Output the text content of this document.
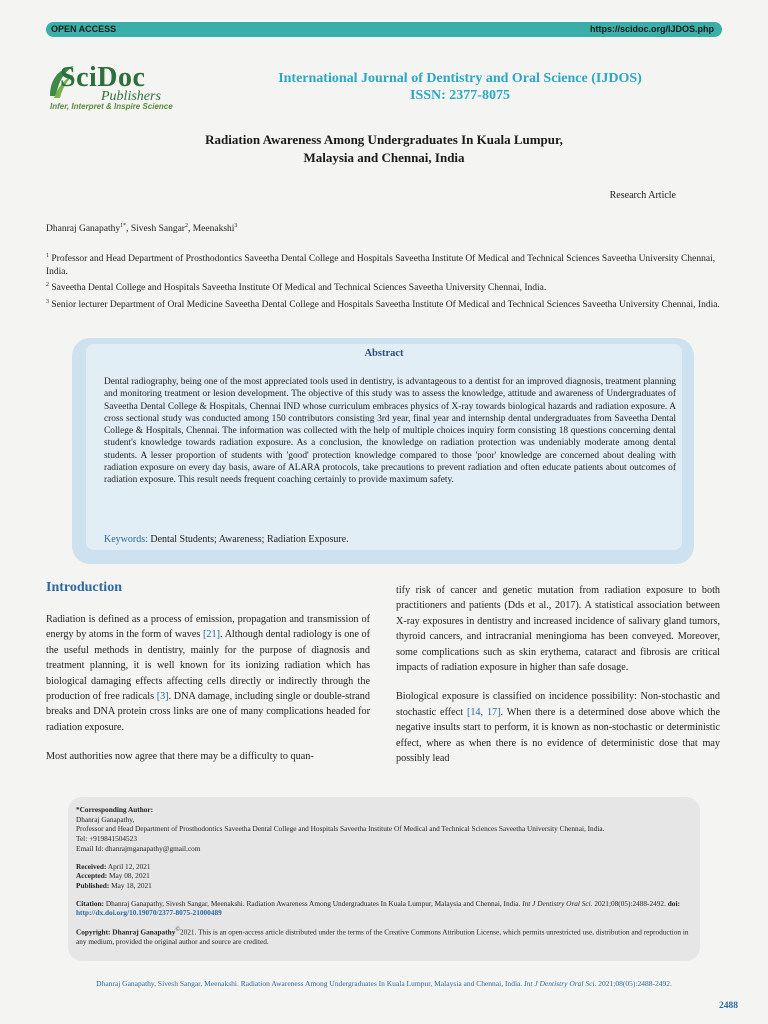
OPEN ACCESS	https://scidoc.org/IJDOS.php
SciDoc
Publishers
Infer, Interpret & Inspire Science
International Journal of Dentistry and Oral Science (IJDOS)
ISSN: 2377-8075
Radiation Awareness Among Undergraduates In Kuala Lumpur,
Malaysia and Chennai, India
Research Article
Dhanraj Ganapathy$^{1*}$, Sivesh Sangar$^2$, Meenakshi$^3$

$^1$ Professor and Head Department of Prosthodontics Saveetha Dental College and Hospitals Saveetha Institute Of Medical and Technical Sciences Saveetha University Chennai, India.

$^2$ Saveetha Dental College and Hospitals Saveetha Institute Of Medical and Technical Sciences Saveetha University Chennai, India.

$^3$ Senior lecturer Department of Oral Medicine Saveetha Dental College and Hospitals Saveetha Institute Of Medical and Technical Sciences Saveetha University Chennai, India.

Abstract
Dental radiography, being one of the most appreciated tools used in dentistry, is advantageous to a dentist for an improved diagnosis, treatment planning and monitoring treatment or lesion development. The objective of this study was to assess the knowledge, attitude and awareness of Undergraduates of Saveetha Dental College & Hospitals, Chennai IND whose curriculum embraces physics of X-ray towards biological hazards and radiation exposure. A cross sectional study was conducted among 150 contributors consisting 3rd year, final year and internship dental undergraduates from Saveetha Dental College & Hospitals, Chennai. The information was collected with the help of multiple choices inquiry form consisting 18 questions concerning dental student's knowledge towards radiation exposure. As a conclusion, the knowledge on radiation protection was undeniably moderate among dental students. A lesser proportion of students with 'good' protection knowledge compared to those 'poor' knowledge are concerned about dealing with radiation exposure on every day basis, aware of ALARA protocols, take precautions to prevent radiation and often educate patients about outcomes of radiation exposure. This result needs frequent coaching certainly to provide maximum safety.
Keywords: Dental Students; Awareness; Radiation Exposure.
Introduction

Radiation is defined as a process of emission, propagation and transmission of energy by atoms in the form of waves [21]. Although dental radiology is one of the useful methods in dentistry, mainly for the purpose of diagnosis and treatment planning, it is well known for its ionizing radiation which has biological damaging effects affecting cells directly or indirectly through the production of free radicals [3]. DNA damage, including single or double-strand breaks and DNA protein cross links are one of many complications headed for radiation exposure.

Most authorities now agree that there may be a difficulty to quan-

tify risk of cancer and genetic mutation from radiation exposure to both practitioners and patients (Dds et al., 2017). A statistical association between X-ray exposures in dentistry and increased incidence of salivary gland tumors, thyroid cancers, and intracranial meningioma has been conveyed. Moreover, some complications such as skin erythema, cataract and fibrosis are critical impacts of radiation exposure in higher than safe dosage.

Biological exposure is classified on incidence possibility: Non-stochastic and stochastic effect [14, 17]. When there is a determined dose above which the negative insults start to perform, it is known as non-stochastic or deterministic effect, where as when there is no evidence of deterministic dose that may possibly lead

*Corresponding Author:

Dhanraj Ganapathy,

Professor and Head Department of Prosthodontics Saveetha Dental College and Hospitals Saveetha Institute Of Medical and Technical Sciences Saveetha University Chennai, India.

Tel: +919841504523

Email Id: dhanrajmganapathy@gmail.com

Received: April 12, 2021

Accepted: May 08, 2021

Published: May 18, 2021

Citation: Dhanraj Ganapathy, Sivesh Sangar, Meenakshi. Radiation Awareness Among Undergraduates In Kuala Lumpur, Malaysia and Chennai, India. Int J Dentistry Oral Sci. 2021;08(05):2488-2492. doi: http://dx.doi.org/10.19070/2377-8075-21000489

Copyright: Dhanraj Ganapathy©2021. This is an open-access article distributed under the terms of the Creative Commons Attribution License, which permits unrestricted use, distribution and reproduction in any medium, provided the original author and source are credited.

Dhanraj Ganapathy, Sivesh Sangar, Meenakshi. Radiation Awareness Among Undergraduates In Kuala Lumpur, Malaysia and Chennai, India. Int J Dentistry Oral Sci. 2021;08(05):2488-2492.
2488
